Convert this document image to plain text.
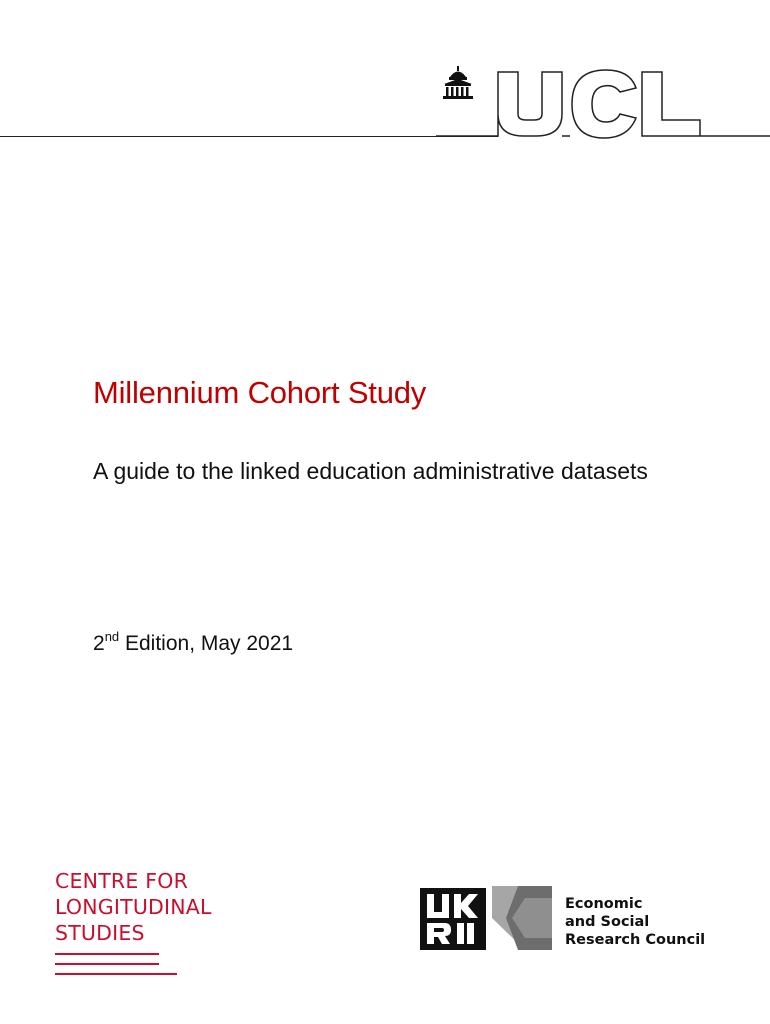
Millennium Cohort Study

A guide to the linked education administrative datasets

2nd Edition, May 2021

CENTRE FOR
LONGITUDINAL
STUDIES
Economic
and Social
Research Council
